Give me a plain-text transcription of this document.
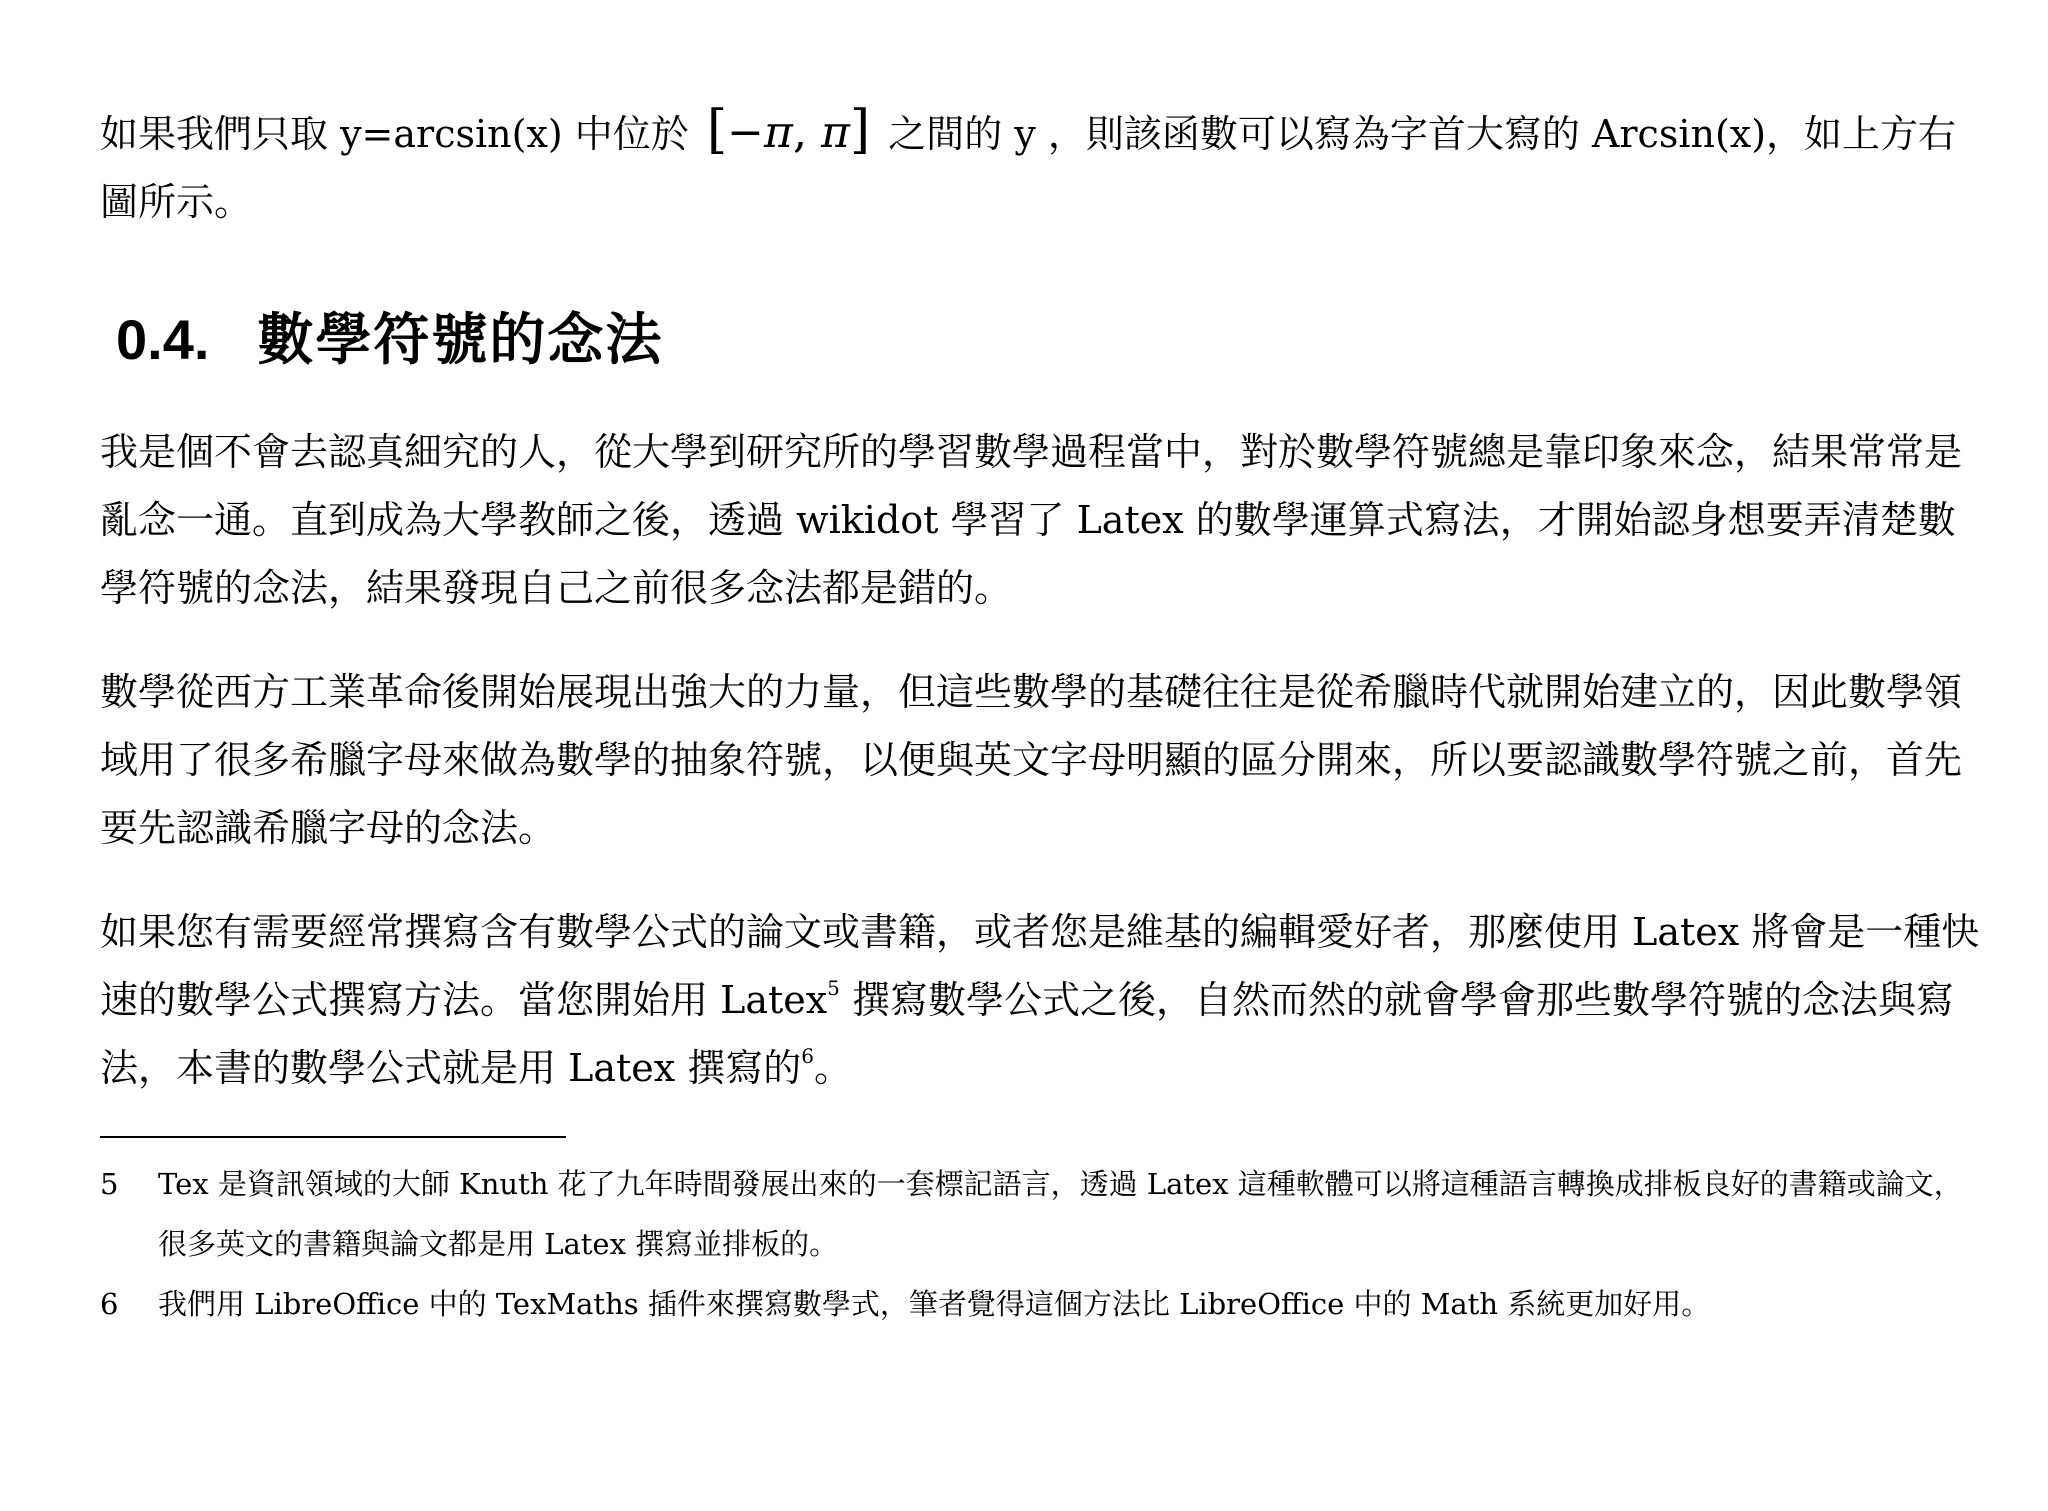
如果我們只取 y=arcsin(x) 中位於 [−π, π] 之間的 y ，則該函數可以寫為字首大寫的 Arcsin(x)，如上方右圖所示。

0.4. 數學符號的念法

我是個不會去認真細究的人，從大學到研究所的學習數學過程當中，對於數學符號總是靠印象來念，結果常常是亂念一通。直到成為大學教師之後，透過 wikidot 學習了 Latex 的數學運算式寫法，才開始認身想要弄清楚數學符號的念法，結果發現自己之前很多念法都是錯的。

數學從西方工業革命後開始展現出強大的力量，但這些數學的基礎往往是從希臘時代就開始建立的，因此數學領域用了很多希臘字母來做為數學的抽象符號，以便與英文字母明顯的區分開來，所以要認識數學符號之前，首先要先認識希臘字母的念法。

如果您有需要經常撰寫含有數學公式的論文或書籍，或者您是維基的編輯愛好者，那麼使用 Latex 將會是一種快速的數學公式撰寫方法。當您開始用 Latex$^5$ 撰寫數學公式之後，自然而然的就會學會那些數學符號的念法與寫法，本書的數學公式就是用 Latex 撰寫的$^6$。

5	Tex 是資訊領域的大師 Knuth 花了九年時間發展出來的一套標記語言，透過 Latex 這種軟體可以將這種語言轉換成排板良好的書籍或論文，很多英文的書籍與論文都是用 Latex 撰寫並排板的。

6	我們用 LibreOffice 中的 TexMaths 插件來撰寫數學式，筆者覺得這個方法比 LibreOffice 中的 Math 系統更加好用。
